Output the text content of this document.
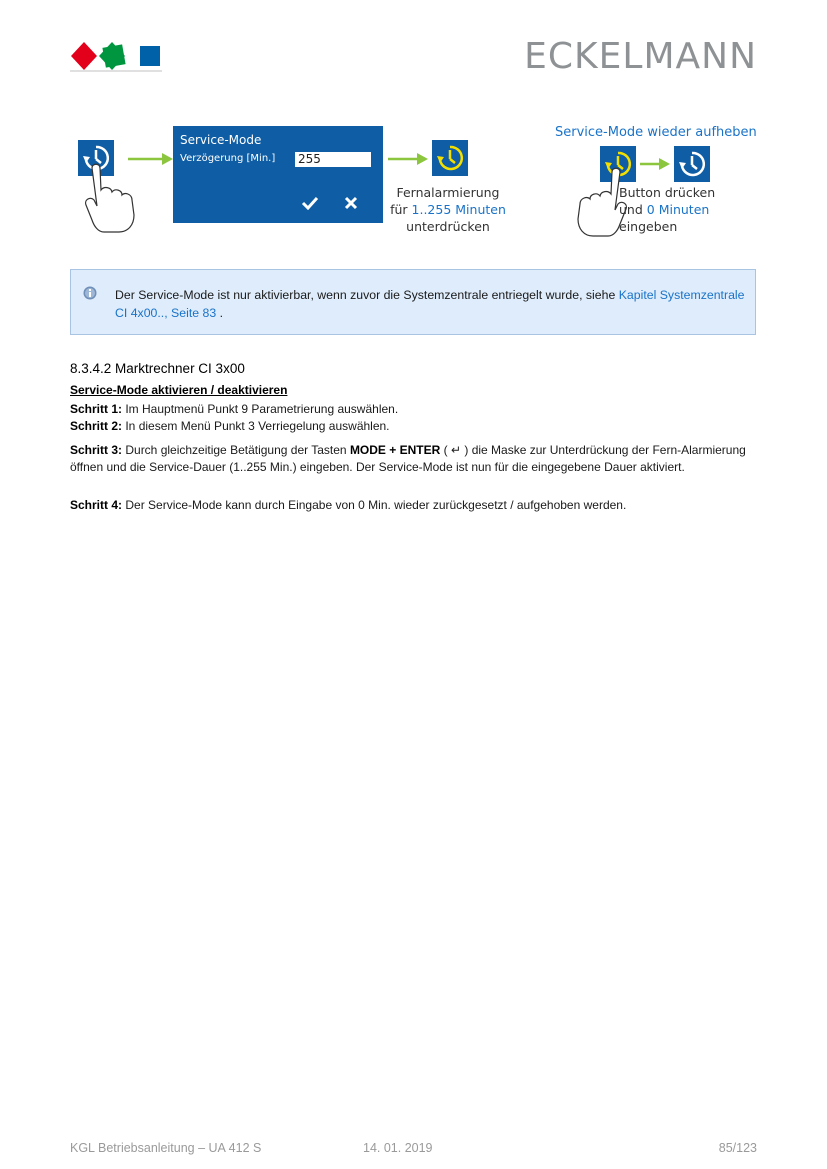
ECKELMANN
Fernalarmierung
für 1..255 Minuten
unterdrücken
Service-Mode wieder aufheben
Button drücken
und 0 Minuten
eingeben
Service-Mode
Verzögerung [Min.] 255
Der Service-Mode ist nur aktivierbar, wenn zuvor die Systemzentrale entriegelt wurde, siehe Kapitel Systemzentrale CI 4x00.., Seite 83 .
8.3.4.2 Marktrechner CI 3x00
Service-Mode aktivieren / deaktivieren
Schritt 1: Im Hauptmenü Punkt 9 Parametrierung auswählen.
Schritt 2: In diesem Menü Punkt 3 Verriegelung auswählen.
Schritt 3: Durch gleichzeitige Betätigung der Tasten MODE + ENTER ( ↵ ) die Maske zur Unterdrückung der Fern-Alarmierung öffnen und die Service-Dauer (1..255 Min.) eingeben. Der Service-Mode ist nun für die eingegebene Dauer aktiviert.
Schritt 4: Der Service-Mode kann durch Eingabe von 0 Min. wieder zurückgesetzt / aufgehoben werden.
KGL Betriebsanleitung – UA 412 S	14. 01. 2019	85/123
